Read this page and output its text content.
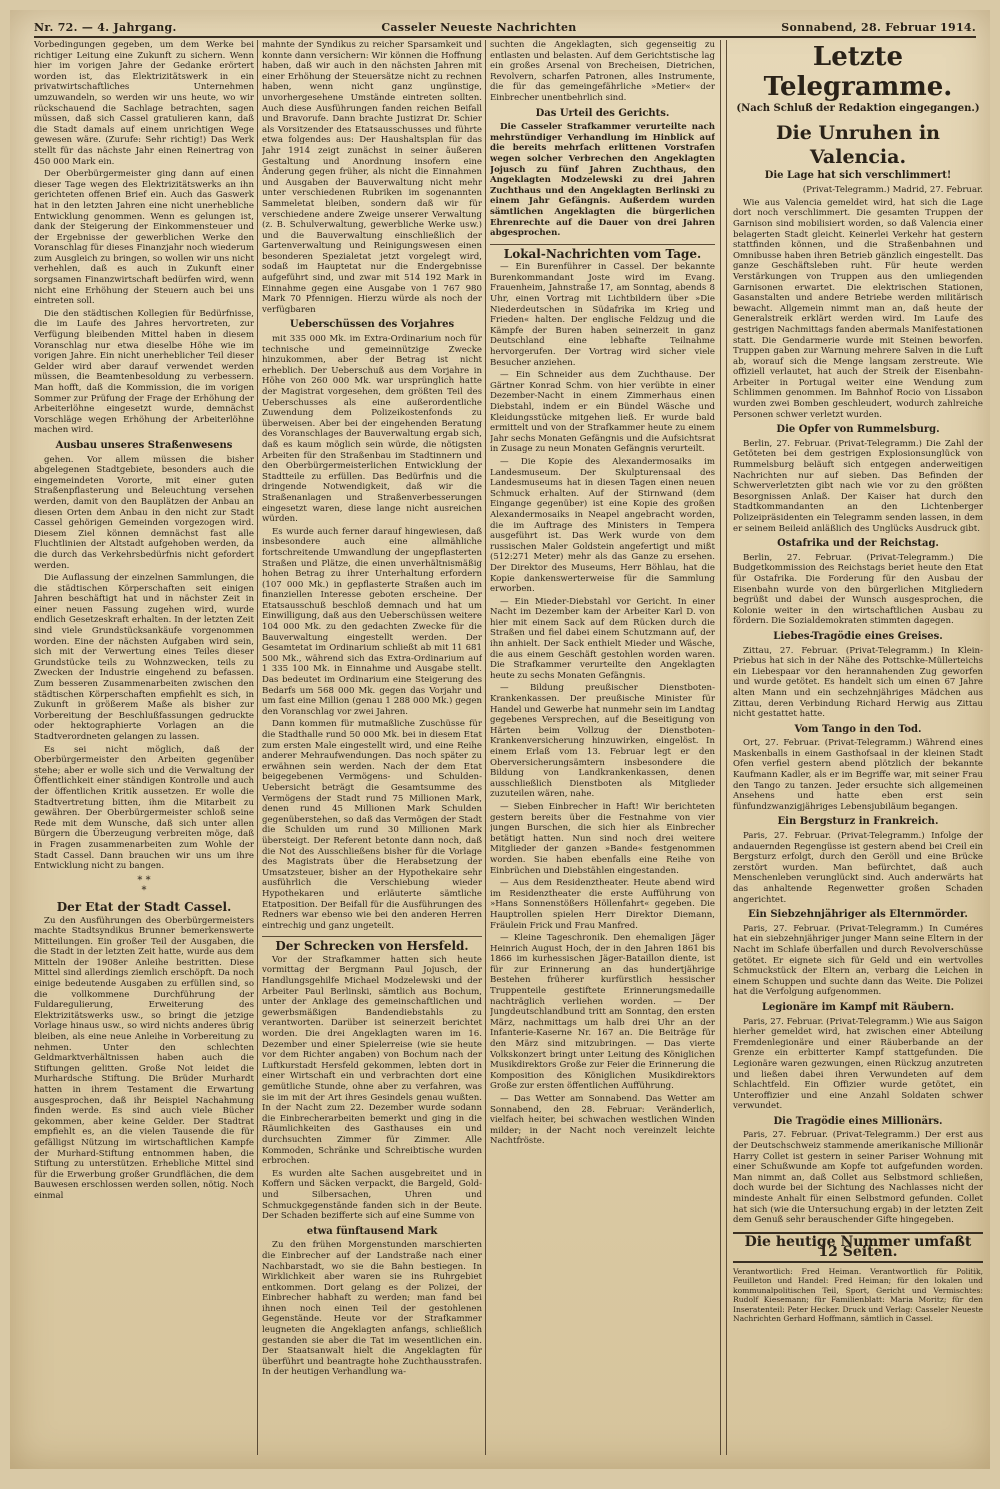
Nr. 72. — 4. Jahrgang.	Casseler Neueste Nachrichten	Sonnabend, 28. Februar 1914.

Vorbedingungen gegeben, um dem Werke bei richtiger Leitung eine Zukunft zu sichern. Wenn hier im vorigen Jahre der Gedanke erörtert worden ist, das Elektrizitätswerk in ein privatwirtschaftliches Unternehmen umzuwandeln, so werden wir uns heute, wo wir rückschauend die Sachlage betrachten, sagen müssen, daß sich Cassel gratulieren kann, daß die Stadt damals auf einem unrichtigen Wege gewesen wäre. (Zurufe: Sehr richtig!) Das Werk stellt für das nächste Jahr einen Reinertrag von 450 000 Mark ein.

Der Oberbürgermeister ging dann auf einen dieser Tage wegen des Elektrizitätswerks an ihn gerichteten offenen Brief ein. Auch das Gaswerk hat in den letzten Jahren eine nicht unerhebliche Entwicklung genommen. Wenn es gelungen ist, dank der Steigerung der Einkommensteuer und der Ergebnisse der gewerblichen Werke den Voranschlag für dieses Finanzjahr noch wiederum zum Ausgleich zu bringen, so wollen wir uns nicht verhehlen, daß es auch in Zukunft einer sorgsamen Finanzwirtschaft bedürfen wird, wenn nicht eine Erhöhung der Steuern auch bei uns eintreten soll.

Die den städtischen Kollegien für Bedürfnisse, die im Laufe des Jahres hervortreten, zur Verfügung bleibenden Mittel haben in diesem Voranschlag nur etwa dieselbe Höhe wie im vorigen Jahre. Ein nicht unerheblicher Teil dieser Gelder wird aber darauf verwendet werden müssen, die Beamtenbesoldung zu verbessern. Man hofft, daß die Kommission, die im vorigen Sommer zur Prüfung der Frage der Erhöhung der Arbeiterlöhne eingesetzt wurde, demnächst Vorschläge wegen Erhöhung der Arbeiterlöhne machen wird.

Ausbau unseres Straßenwesens

gehen. Vor allem müssen die bisher abgelegenen Stadtgebiete, besonders auch die eingemeindeten Vororte, mit einer guten Straßenpflasterung und Beleuchtung versehen werden, damit von den Bauplätzen der Anbau an diesen Orten dem Anbau in den nicht zur Stadt Cassel gehörigen Gemeinden vorgezogen wird. Diesem Ziel können demnächst fast alle Fluchtlinien der Altstadt aufgehoben werden, da die durch das Verkehrsbedürfnis nicht gefordert werden.

Die Auflassung der einzelnen Sammlungen, die die städtischen Körperschaften seit einigen Jahren beschäftigt hat und in nächster Zeit in einer neuen Fassung zugehen wird, wurde endlich Gesetzeskraft erhalten. In der letzten Zeit sind viele Grundstücksankäufe vorgenommen worden. Eine der nächsten Aufgaben wird sein, sich mit der Verwertung eines Teiles dieser Grundstücke teils zu Wohnzwecken, teils zu Zwecken der Industrie eingehend zu befassen. Zum besseren Zusammenarbeiten zwischen den städtischen Körperschaften empfiehlt es sich, in Zukunft in größerem Maße als bisher zur Vorbereitung der Beschlußfassungen gedruckte oder hektographierte Vorlagen an die Stadtverordneten gelangen zu lassen.

Es sei nicht möglich, daß der Oberbürgermeister den Arbeiten gegenüber stehe; aber er wolle sich und die Verwaltung der Öffentlichkeit einer ständigen Kontrolle und auch der öffentlichen Kritik aussetzen. Er wolle die Stadtvertretung bitten, ihm die Mitarbeit zu gewähren. Der Oberbürgermeister schloß seine Rede mit dem Wunsche, daß sich unter allen Bürgern die Überzeugung verbreiten möge, daß in Fragen zusammenarbeiten zum Wohle der Stadt Cassel. Dann brauchen wir uns um ihre Entwicklung nicht zu bangen.

* *
*
Der Etat der Stadt Cassel.

Zu den Ausführungen des Oberbürgermeisters machte Stadtsyndikus Brunner bemerkenswerte Mitteilungen. Ein großer Teil der Ausgaben, die die Stadt in der letzten Zeit hatte, wurde aus dem Mitteln der 1908er Anleihe bestritten. Diese Mittel sind allerdings ziemlich erschöpft. Da noch einige bedeutende Ausgaben zu erfüllen sind, so die vollkommene Durchführung der Fuldaregulierung, Erweiterung des Elektrizitätswerks usw., so bringt die jetzige Vorlage hinaus usw., so wird nichts anderes übrig bleiben, als eine neue Anleihe in Vorbereitung zu nehmen. Unter den schlechten Geldmarktverhältnissen haben auch die Stiftungen gelitten. Große Not leidet die Murhardsche Stiftung. Die Brüder Murhardt hatten in ihrem Testament die Erwartung ausgesprochen, daß ihr Beispiel Nachahmung finden werde. Es sind auch viele Bücher gekommen, aber keine Gelder. Der Stadtrat empfiehlt es, an die vielen Tausende die für gefälligst Nützung im wirtschaftlichen Kampfe der Murhard-Stiftung entnommen haben, die Stiftung zu unterstützen. Erhebliche Mittel sind für die Erwerbung großer Grundflächen, die dem Bauwesen erschlossen werden sollen, nötig. Noch einmal

mahnte der Syndikus zu reicher Sparsamkeit und konnte dann versichern: Wir können die Hoffnung haben, daß wir auch in den nächsten Jahren mit einer Erhöhung der Steuersätze nicht zu rechnen haben, wenn nicht ganz ungünstige, unvorhergesehene Umstände eintreten sollten. Auch diese Ausführungen fanden reichen Beifall und Bravorufe. Dann brachte Justizrat Dr. Schier als Vorsitzender des Etatsausschusses und führte etwa folgendes aus: Der Haushaltsplan für das Jahr 1914 zeigt zunächst in seiner äußeren Gestaltung und Anordnung insofern eine Änderung gegen früher, als nicht die Einnahmen und Ausgaben der Bauverwaltung nicht mehr unter verschiedenen Rubriken im sogenannten Sammeletat bleiben, sondern daß wir für verschiedene andere Zweige unserer Verwaltung (z. B. Schulverwaltung, gewerbliche Werke usw.) und die Bauverwaltung einschließlich der Gartenverwaltung und Reinigungswesen einen besonderen Spezialetat jetzt vorgelegt wird, sodaß im Hauptetat nur die Endergebnisse aufgeführt sind, und zwar mit 514 192 Mark in Einnahme gegen eine Ausgabe von 1 767 980 Mark 70 Pfennigen. Hierzu würde als noch der verfügbaren

Ueberschüssen des Vorjahres

mit 335 000 Mk. im Extra-Ordinarium noch für technische und gemeinnützige Zwecke hinzukommen, aber der Betrag ist nicht erheblich. Der Ueberschuß aus dem Vorjahre in Höhe von 260 000 Mk. war ursprünglich hatte der Magistrat vorgesehen, dem größten Teil des Ueberschusses als eine außerordentliche Zuwendung dem Polizeikostenfonds zu überweisen. Aber bei der eingehenden Beratung des Voranschlages der Bauverwaltung ergab sich, daß es kaum möglich sein würde, die nötigsten Arbeiten für den Straßenbau im Stadtinnern und den Oberbürgermeisterlichen Entwicklung der Stadtteile zu erfüllen. Das Bedürfnis und die dringende Notwendigkeit, daß wir die Straßenanlagen und Straßenverbesserungen eingesetzt waren, diese lange nicht ausreichen würden.

Es wurde auch ferner darauf hingewiesen, daß insbesondere auch eine allmähliche fortschreitende Umwandlung der ungepflasterten Straßen und Plätze, die einen unverhältnismäßig hohen Betrag zu ihrer Unterhaltung erfordern (107 000 Mk.) in gepflasterte Straßen auch im finanziellen Interesse geboten erscheine. Der Etatsausschuß beschloß demnach und hat um Einwilligung, daß aus den Ueberschüssen weitere 104 000 Mk. zu den gedachten Zwecke für die Bauverwaltung eingestellt werden. Der Gesamtetat im Ordinarium schließt ab mit 11 681 500 Mk., während sich das Extra-Ordinarium auf 1 335 100 Mk. in Einnahme und Ausgabe stellt. Das bedeutet im Ordinarium eine Steigerung des Bedarfs um 568 000 Mk. gegen das Vorjahr und um fast eine Million (genau 1 288 000 Mk.) gegen den Voranschlag vor zwei Jahren.

Dann kommen für mutmaßliche Zuschüsse für die Stadthalle rund 50 000 Mk. bei in diesem Etat zum ersten Male eingestellt wird, und eine Reihe anderer Mehraufwendungen. Das noch später zu erwähnen sein werden. Nach der dem Etat beigegebenen Vermögens- und Schulden-Uebersicht beträgt die Gesamtsumme des Vermögens der Stadt rund 75 Millionen Mark, denen rund 45 Millionen Mark Schulden gegenüberstehen, so daß das Vermögen der Stadt die Schulden um rund 30 Millionen Mark übersteigt. Der Referent betonte dann noch, daß die Not des Ausschließens bisher für die Vorlage des Magistrats über die Herabsetzung der Umsatzsteuer, bisher an der Hypothekaire sehr ausführlich die Verschiebung wieder Hypothekaren und erläuterte sämtliche Etatposition. Der Beifall für die Ausführungen des Redners war ebenso wie bei den anderen Herren eintrechig und ganz ungeteilt.

Der Schrecken von Hersfeld.

Vor der Strafkammer hatten sich heute vormittag der Bergmann Paul Jojusch, der Handlungsgehilfe Michael Modzelewski und der Arbeiter Paul Berlinski, sämtlich aus Bochum, unter der Anklage des gemeinschaftlichen und gewerbsmäßigen Bandendiebstahls zu verantworten. Darüber ist seinerzeit berichtet worden. Die drei Angeklagten waren im 16. Dezember und einer Spielerreise (wie sie heute vor dem Richter angaben) von Bochum nach der Luftkurstadt Hersfeld gekommen, lebten dort in einer Wirtschaft ein und verbrachten dort eine gemütliche Stunde, ohne aber zu verfahren, was sie im mit der Art ihres Gesindels genau wußten. In der Nacht zum 22. Dezember wurde sodann die Einbrecherarbeiten bemerkt und ging in die Räumlichkeiten des Gasthauses ein und durchsuchten Zimmer für Zimmer. Alle Kommoden, Schränke und Schreibtische wurden erbrochen.

Es wurden alte Sachen ausgebreitet und in Koffern und Säcken verpackt, die Bargeld, Gold- und Silbersachen, Uhren und Schmuckgegenstände fanden sich in der Beute. Der Schaden bezifferte sich auf eine Summe von

etwa fünftausend Mark

Zu den frühen Morgenstunden marschierten die Einbrecher auf der Landstraße nach einer Nachbarstadt, wo sie die Bahn bestiegen. In Wirklichkeit aber waren sie ins Ruhrgebiet entkommen. Dort gelang es der Polizei, der Einbrecher habhaft zu werden; man fand bei ihnen noch einen Teil der gestohlenen Gegenstände. Heute vor der Strafkammer leugneten die Angeklagten anfangs, schließlich gestanden sie aber die Tat im wesentlichen ein. Der Staatsanwalt hielt die Angeklagten für überführt und beantragte hohe Zuchthausstrafen. In der heutigen Verhandlung wa-

suchten die Angeklagten, sich gegenseitig zu entlasten und belasten. Auf dem Gerichtstische lag ein großes Arsenal von Brecheisen, Dietrichen, Revolvern, scharfen Patronen, alles Instrumente, die für das gemeingefährliche »Metier« der Einbrecher unentbehrlich sind.

Das Urteil des Gerichts.

Die Casseler Strafkammer verurteilte nach mehrstündiger Verhandlung im Hinblick auf die bereits mehrfach erlittenen Vorstrafen wegen solcher Verbrechen den Angeklagten Jojusch zu fünf Jahren Zuchthaus, den Angeklagten Modzelewski zu drei Jahren Zuchthaus und den Angeklagten Berlinski zu einem Jahr Gefängnis. Außerdem wurden sämtlichen Angeklagten die bürgerlichen Ehrenrechte auf die Dauer von drei Jahren abgesprochen.

Lokal-Nachrichten vom Tage.

— Ein Burenführer in Cassel. Der bekannte Burenkommandant Joste wird im Evang. Frauenheim, Jahnstraße 17, am Sonntag, abends 8 Uhr, einen Vortrag mit Lichtbildern über »Die Niederdeutschen in Südafrika im Krieg und Frieden« halten. Der englische Feldzug und die Kämpfe der Buren haben seinerzeit in ganz Deutschland eine lebhafte Teilnahme hervorgerufen. Der Vortrag wird sicher viele Besucher anziehen.

— Ein Schneider aus dem Zuchthause. Der Gärtner Konrad Schm. von hier verübte in einer Dezember-Nacht in einem Zimmerhaus einen Diebstahl, indem er ein Bündel Wäsche und Kleidungsstücke mitgehen ließ. Er wurde bald ermittelt und von der Strafkammer heute zu einem Jahr sechs Monaten Gefängnis und die Aufsichtsrat in Zusage zu neun Monaten Gefängnis verurteilt.

— Die Kopie des Alexandermosaiks im Landesmuseum. Der Skulpturensaal des Landesmuseums hat in diesen Tagen einen neuen Schmuck erhalten. Auf der Stirnwand (dem Eingange gegenüber) ist eine Kopie des großen Alexandermosaiks in Neapel angebracht worden, die im Auftrage des Ministers in Tempera ausgeführt ist. Das Werk wurde von dem russischen Maler Goldstein angefertigt und mißt (512:271 Meter) mehr als das Ganze zu ersehen. Der Direktor des Museums, Herr Böhlau, hat die Kopie dankenswerterweise für die Sammlung erworben.

— Ein Mieder-Diebstahl vor Gericht. In einer Nacht im Dezember kam der Arbeiter Karl D. von hier mit einem Sack auf dem Rücken durch die Straßen und fiel dabei einem Schutzmann auf, der ihn anhielt. Der Sack enthielt Mieder und Wäsche, die aus einem Geschäft gestohlen worden waren. Die Strafkammer verurteilte den Angeklagten heute zu sechs Monaten Gefängnis.

— Bildung preußischer Dienstboten-Krankenkassen. Der preußische Minister für Handel und Gewerbe hat nunmehr sein im Landtag gegebenes Versprechen, auf die Beseitigung von Härten beim Vollzug der Dienstboten-Krankenversicherung hinzuwirken, eingelöst. In einem Erlaß vom 13. Februar legt er den Oberversicherungsämtern insbesondere die Bildung von Landkrankenkassen, denen ausschließlich Dienstboten als Mitglieder zuzuteilen wären, nahe.

— Sieben Einbrecher in Haft! Wir berichteten gestern bereits über die Festnahme von vier jungen Burschen, die sich hier als Einbrecher betätigt hatten. Nun sind noch drei weitere Mitglieder der ganzen »Bande« festgenommen worden. Sie haben ebenfalls eine Reihe von Einbrüchen und Diebstählen eingestanden.

— Aus dem Residenztheater. Heute abend wird im Residenztheater die erste Aufführung von »Hans Sonnenstößers Höllenfahrt« gegeben. Die Hauptrollen spielen Herr Direktor Diemann, Fräulein Frick und Frau Manfred.

— Kleine Tageschronik. Den ehemaligen Jäger Heinrich August Hoch, der in den Jahren 1861 bis 1866 im kurhessischen Jäger-Bataillon diente, ist für zur Erinnerung an das hundertjährige Bestehen früherer kurfürstlich hessischer Truppenteile gestiftete Erinnerungsmedaille nachträglich verliehen worden. — Der Jungdeutschlandbund tritt am Sonntag, den ersten März, nachmittags um halb drei Uhr an der Infanterie-Kaserne Nr. 167 an. Die Beiträge für den März sind mitzubringen. — Das vierte Volkskonzert bringt unter Leitung des Königlichen Musikdirektors Große zur Feier die Erinnerung die Komposition des Königlichen Musikdirektors Große zur ersten öffentlichen Aufführung.

— Das Wetter am Sonnabend. Das Wetter am Sonnabend, den 28. Februar: Veränderlich, vielfach heiter, bei schwachen westlichen Winden milder; in der Nacht noch vereinzelt leichte Nachtfröste.

Letzte Telegramme.
(Nach Schluß der Redaktion eingegangen.)
Die Unruhen in Valencia.
Die Lage hat sich verschlimmert!

(Privat-Telegramm.) Madrid, 27. Februar.

Wie aus Valencia gemeldet wird, hat sich die Lage dort noch verschlimmert. Die gesamten Truppen der Garnison sind mobilisiert worden, so daß Valencia einer belagerten Stadt gleicht. Keinerlei Verkehr hat gestern stattfinden können, und die Straßenbahnen und Omnibusse haben ihren Betrieb gänzlich eingestellt. Das ganze Geschäftsleben ruht. Für heute werden Verstärkungen von Truppen aus den umliegenden Garnisonen erwartet. Die elektrischen Stationen, Gasanstalten und andere Betriebe werden militärisch bewacht. Allgemein nimmt man an, daß heute der Generalstreik erklärt werden wird. Im Laufe des gestrigen Nachmittags fanden abermals Manifestationen statt. Die Gendarmerie wurde mit Steinen beworfen. Truppen gaben zur Warnung mehrere Salven in die Luft ab, worauf sich die Menge langsam zerstreute. Wie offiziell verlautet, hat auch der Streik der Eisenbahn-Arbeiter in Portugal weiter eine Wendung zum Schlimmen genommen. Im Bahnhof Rocio von Lissabon wurden zwei Bomben geschleudert, wodurch zahlreiche Personen schwer verletzt wurden.

Die Opfer von Rummelsburg.

Berlin, 27. Februar. (Privat-Telegramm.) Die Zahl der Getöteten bei dem gestrigen Explosionsunglück von Rummelsburg beläuft sich entgegen anderweitigen Nachrichten nur auf sieben. Das Befinden der Schwerverletzten gibt nach wie vor zu den größten Besorgnissen Anlaß. Der Kaiser hat durch den Stadtkommandanten an den Lichtenberger Polizeipräsidenten ein Telegramm senden lassen, in dem er seinem Beileid anläßlich des Unglücks Ausdruck gibt.

Ostafrika und der Reichstag.

Berlin, 27. Februar. (Privat-Telegramm.) Die Budgetkommission des Reichstags beriet heute den Etat für Ostafrika. Die Forderung für den Ausbau der Eisenbahn wurde von den bürgerlichen Mitgliedern begrüßt und dabei der Wunsch ausgesprochen, die Kolonie weiter in den wirtschaftlichen Ausbau zu fördern. Die Sozialdemokraten stimmten dagegen.

Liebes-Tragödie eines Greises.

Zittau, 27. Februar. (Privat-Telegramm.) In Klein-Priebus hat sich in der Nähe des Pottschke-Müllerteichs ein Liebespaar vor den herannahenden Zug geworfen und wurde getötet. Es handelt sich um einen 67 Jahre alten Mann und ein sechzehnjähriges Mädchen aus Zittau, deren Verbindung Richard Herwig aus Zittau nicht gestattet hatte.

Vom Tango in den Tod.

Ort, 27. Februar. (Privat-Telegramm.) Während eines Maskenballs in einem Gasthofsaal in der kleinen Stadt Ofen verfiel gestern abend plötzlich der bekannte Kaufmann Kadler, als er im Begriffe war, mit seiner Frau den Tango zu tanzen. Jeder ersuchte sich allgemeinen Ansehens und hatte eben erst sein fünfundzwanzigjähriges Lebensjubiläum begangen.

Ein Bergsturz in Frankreich.

Paris, 27. Februar. (Privat-Telegramm.) Infolge der andauernden Regengüsse ist gestern abend bei Creil ein Bergsturz erfolgt, durch den Geröll und eine Brücke zerstört wurden. Man befürchtet, daß auch Menschenleben verunglückt sind. Auch anderwärts hat das anhaltende Regenwetter großen Schaden angerichtet.

Ein Siebzehnjähriger als Elternmörder.

Paris, 27. Februar. (Privat-Telegramm.) In Cuméres hat ein siebzehnjähriger junger Mann seine Eltern in der Nacht im Schlafe überfallen und durch Revolverschüsse getötet. Er eignete sich für Geld und ein wertvolles Schmuckstück der Eltern an, verbarg die Leichen in einem Schuppen und suchte dann das Weite. Die Polizei hat die Verfolgung aufgenommen.

Legionäre im Kampf mit Räubern.

Paris, 27. Februar. (Privat-Telegramm.) Wie aus Saigon hierher gemeldet wird, hat zwischen einer Abteilung Fremdenlegionäre und einer Räuberbande an der Grenze ein erbitterter Kampf stattgefunden. Die Legionäre waren gezwungen, einen Rückzug anzutreten und ließen dabei ihren Verwundeten auf dem Schlachtfeld. Ein Offizier wurde getötet, ein Unteroffizier und eine Anzahl Soldaten schwer verwundet.

Die Tragödie eines Millionärs.

Paris, 27. Februar. (Privat-Telegramm.) Der erst aus der Deutschschweiz stammende amerikanische Millionär Harry Collet ist gestern in seiner Pariser Wohnung mit einer Schußwunde am Kopfe tot aufgefunden worden. Man nimmt an, daß Collet aus Selbstmord schließen, doch wurde bei der Sichtung des Nachlasses nicht der mindeste Anhalt für einen Selbstmord gefunden. Collet hat sich (wie die Untersuchung ergab) in der letzten Zeit dem Genuß sehr berauschender Gifte hingegeben.

Die heutige Nummer umfaßt 12 Seiten.
Verantwortlich: Fred Heiman. Verantwortlich für Politik, Feuilleton und Handel: Fred Heiman; für den lokalen und kommunalpolitischen Teil, Sport, Gericht und Vermischtes: Rudolf Kiesemann; für Familienblatt: Maria Moritz; für den Inseratenteil: Peter Hecker. Druck und Verlag: Casseler Neueste Nachrichten Gerhard Hoffmann, sämtlich in Cassel.
